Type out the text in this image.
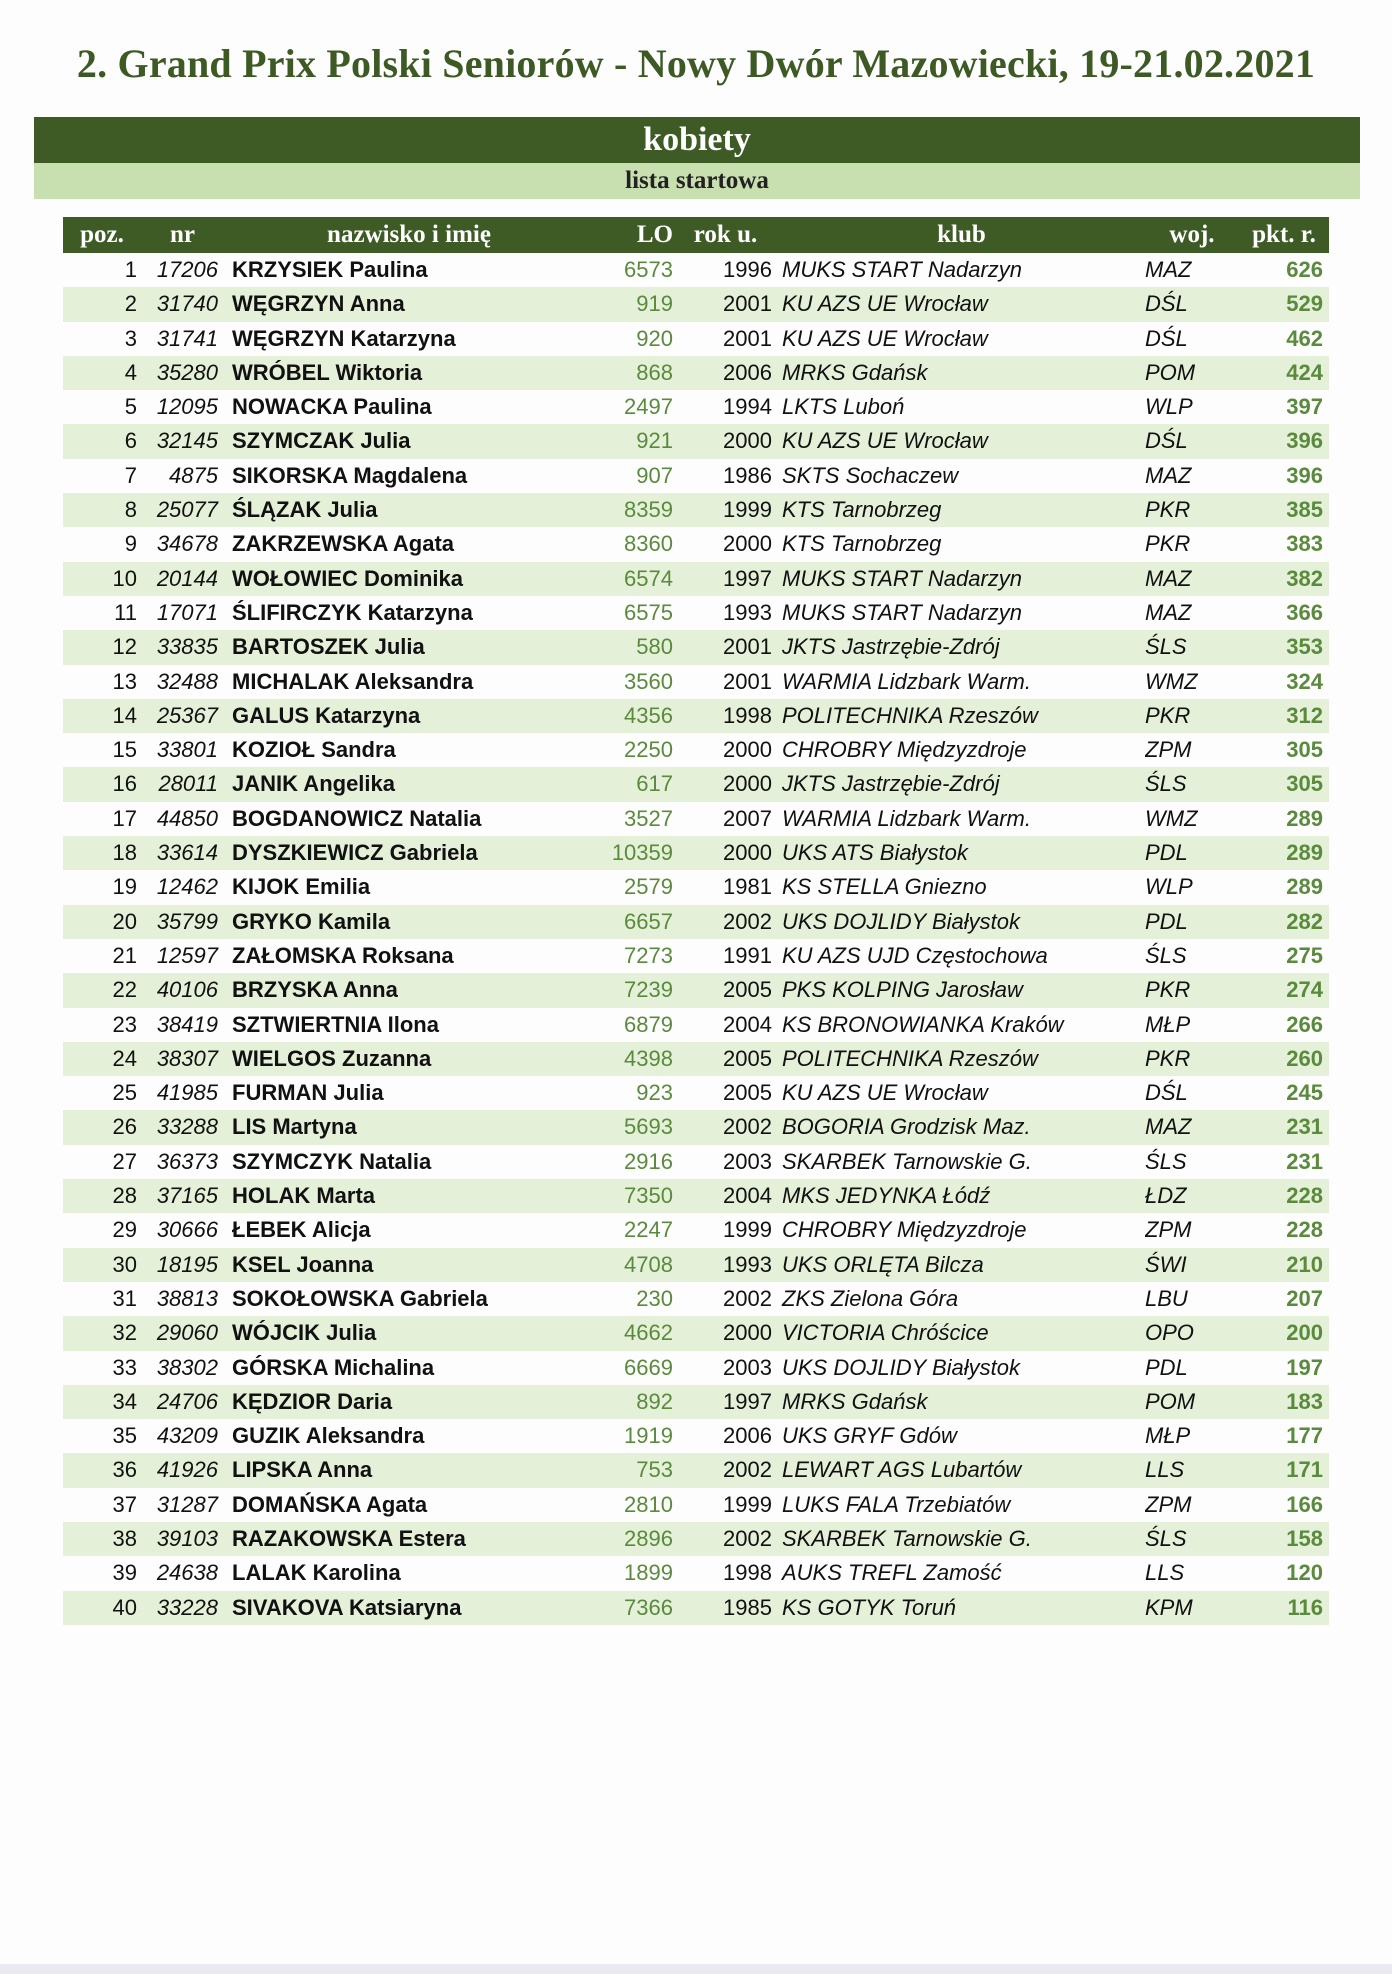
2. Grand Prix Polski Seniorów - Nowy Dwór Mazowiecki, 19-21.02.2021
kobiety
lista startowa
poz.	nr	nazwisko i imię	LO rok u.	klub	woj.	pkt. r.
1 17206 KRZYSIEK Paulina	6573	1996 MUKS START Nadarzyn	MAZ	626
2 31740 WĘGRZYN Anna	919	2001 KU AZS UE Wrocław	DŚL	529
3 31741 WĘGRZYN Katarzyna	920	2001 KU AZS UE Wrocław	DŚL	462
4 35280 WRÓBEL Wiktoria	868	2006 MRKS Gdańsk	POM	424
5 12095 NOWACKA Paulina	2497	1994 LKTS Luboń	WLP	397
6 32145 SZYMCZAK Julia	921	2000 KU AZS UE Wrocław	DŚL	396
7	4875 SIKORSKA Magdalena	907	1986 SKTS Sochaczew	MAZ	396
8 25077 ŚLĄZAK Julia	8359	1999 KTS Tarnobrzeg	PKR	385
9 34678 ZAKRZEWSKA Agata	8360	2000 KTS Tarnobrzeg	PKR	383
10 20144 WOŁOWIEC Dominika	6574	1997 MUKS START Nadarzyn	MAZ	382
11 17071 ŚLIFIRCZYK Katarzyna	6575	1993 MUKS START Nadarzyn	MAZ	366
12 33835 BARTOSZEK Julia	580	2001 JKTS Jastrzębie-Zdrój	ŚLS	353
13 32488 MICHALAK Aleksandra	3560	2001 WARMIA Lidzbark Warm.	WMZ	324
14 25367 GALUS Katarzyna	4356	1998 POLITECHNIKA Rzeszów	PKR	312
15 33801 KOZIOŁ Sandra	2250	2000 CHROBRY Międzyzdroje	ZPM	305
16 28011 JANIK Angelika	617	2000 JKTS Jastrzębie-Zdrój	ŚLS	305
17 44850 BOGDANOWICZ Natalia	3527	2007 WARMIA Lidzbark Warm.	WMZ	289
18 33614 DYSZKIEWICZ Gabriela	10359	2000 UKS ATS Białystok	PDL	289
19 12462 KIJOK Emilia	2579	1981 KS STELLA Gniezno	WLP	289
20 35799 GRYKO Kamila	6657	2002 UKS DOJLIDY Białystok	PDL	282
21 12597 ZAŁOMSKA Roksana	7273	1991 KU AZS UJD Częstochowa	ŚLS	275
22 40106 BRZYSKA Anna	7239	2005 PKS KOLPING Jarosław	PKR	274
23 38419 SZTWIERTNIA Ilona	6879	2004 KS BRONOWIANKA Kraków	MŁP	266
24 38307 WIELGOS Zuzanna	4398	2005 POLITECHNIKA Rzeszów	PKR	260
25 41985 FURMAN Julia	923	2005 KU AZS UE Wrocław	DŚL	245
26 33288 LIS Martyna	5693	2002 BOGORIA Grodzisk Maz.	MAZ	231
27 36373 SZYMCZYK Natalia	2916	2003 SKARBEK Tarnowskie G.	ŚLS	231
28 37165 HOLAK Marta	7350	2004 MKS JEDYNKA Łódź	ŁDZ	228
29 30666 ŁEBEK Alicja	2247	1999 CHROBRY Międzyzdroje	ZPM	228
30 18195 KSEL Joanna	4708	1993 UKS ORLĘTA Bilcza	ŚWI	210
31 38813 SOKOŁOWSKA Gabriela	230	2002 ZKS Zielona Góra	LBU	207
32 29060 WÓJCIK Julia	4662	2000 VICTORIA Chróścice	OPO	200
33 38302 GÓRSKA Michalina	6669	2003 UKS DOJLIDY Białystok	PDL	197
34 24706 KĘDZIOR Daria	892	1997 MRKS Gdańsk	POM	183
35 43209 GUZIK Aleksandra	1919	2006 UKS GRYF Gdów	MŁP	177
36 41926 LIPSKA Anna	753	2002 LEWART AGS Lubartów	LLS	171
37 31287 DOMAŃSKA Agata	2810	1999 LUKS FALA Trzebiatów	ZPM	166
38 39103 RAZAKOWSKA Estera	2896	2002 SKARBEK Tarnowskie G.	ŚLS	158
39 24638 LALAK Karolina	1899	1998 AUKS TREFL Zamość	LLS	120
40 33228 SIVAKOVA Katsiaryna	7366	1985 KS GOTYK Toruń	KPM	116
